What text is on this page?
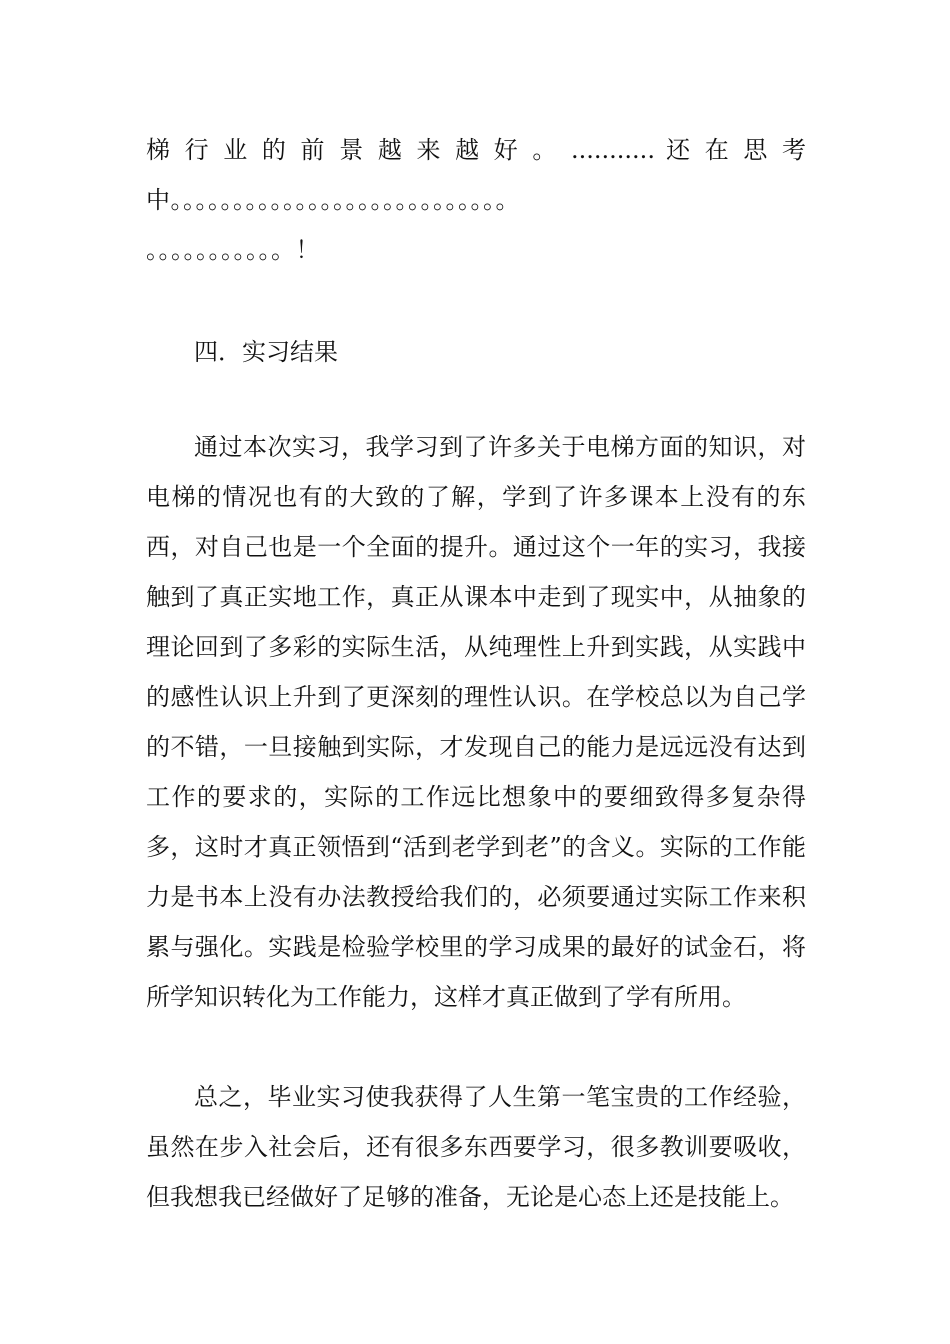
梯 行 业 的 前 景 越 来 越 好 。 ........... 还 在 思 考
中。。。。。。。。。。。。。。。。。。。。。。。。。。。
。。。。。。。。。。。！
四．实习结果
通过本次实习，我学习到了许多关于电梯方面的知识，对电梯的情况也有的大致的了解，学到了许多课本上没有的东西，对自己也是一个全面的提升。通过这个一年的实习，我接触到了真正实地工作，真正从课本中走到了现实中，从抽象的理论回到了多彩的实际生活，从纯理性上升到实践，从实践中的感性认识上升到了更深刻的理性认识。在学校总以为自己学的不错，一旦接触到实际，才发现自己的能力是远远没有达到工作的要求的，实际的工作远比想象中的要细致得多复杂得多，这时才真正领悟到“活到老学到老”的含义。实际的工作能力是书本上没有办法教授给我们的，必须要通过实际工作来积累与强化。实践是检验学校里的学习成果的最好的试金石，将所学知识转化为工作能力，这样才真正做到了学有所用。
总之，毕业实习使我获得了人生第一笔宝贵的工作经验，虽然在步入社会后，还有很多东西要学习，很多教训要吸收，但我想我已经做好了足够的准备，无论是心态上还是技能上。
